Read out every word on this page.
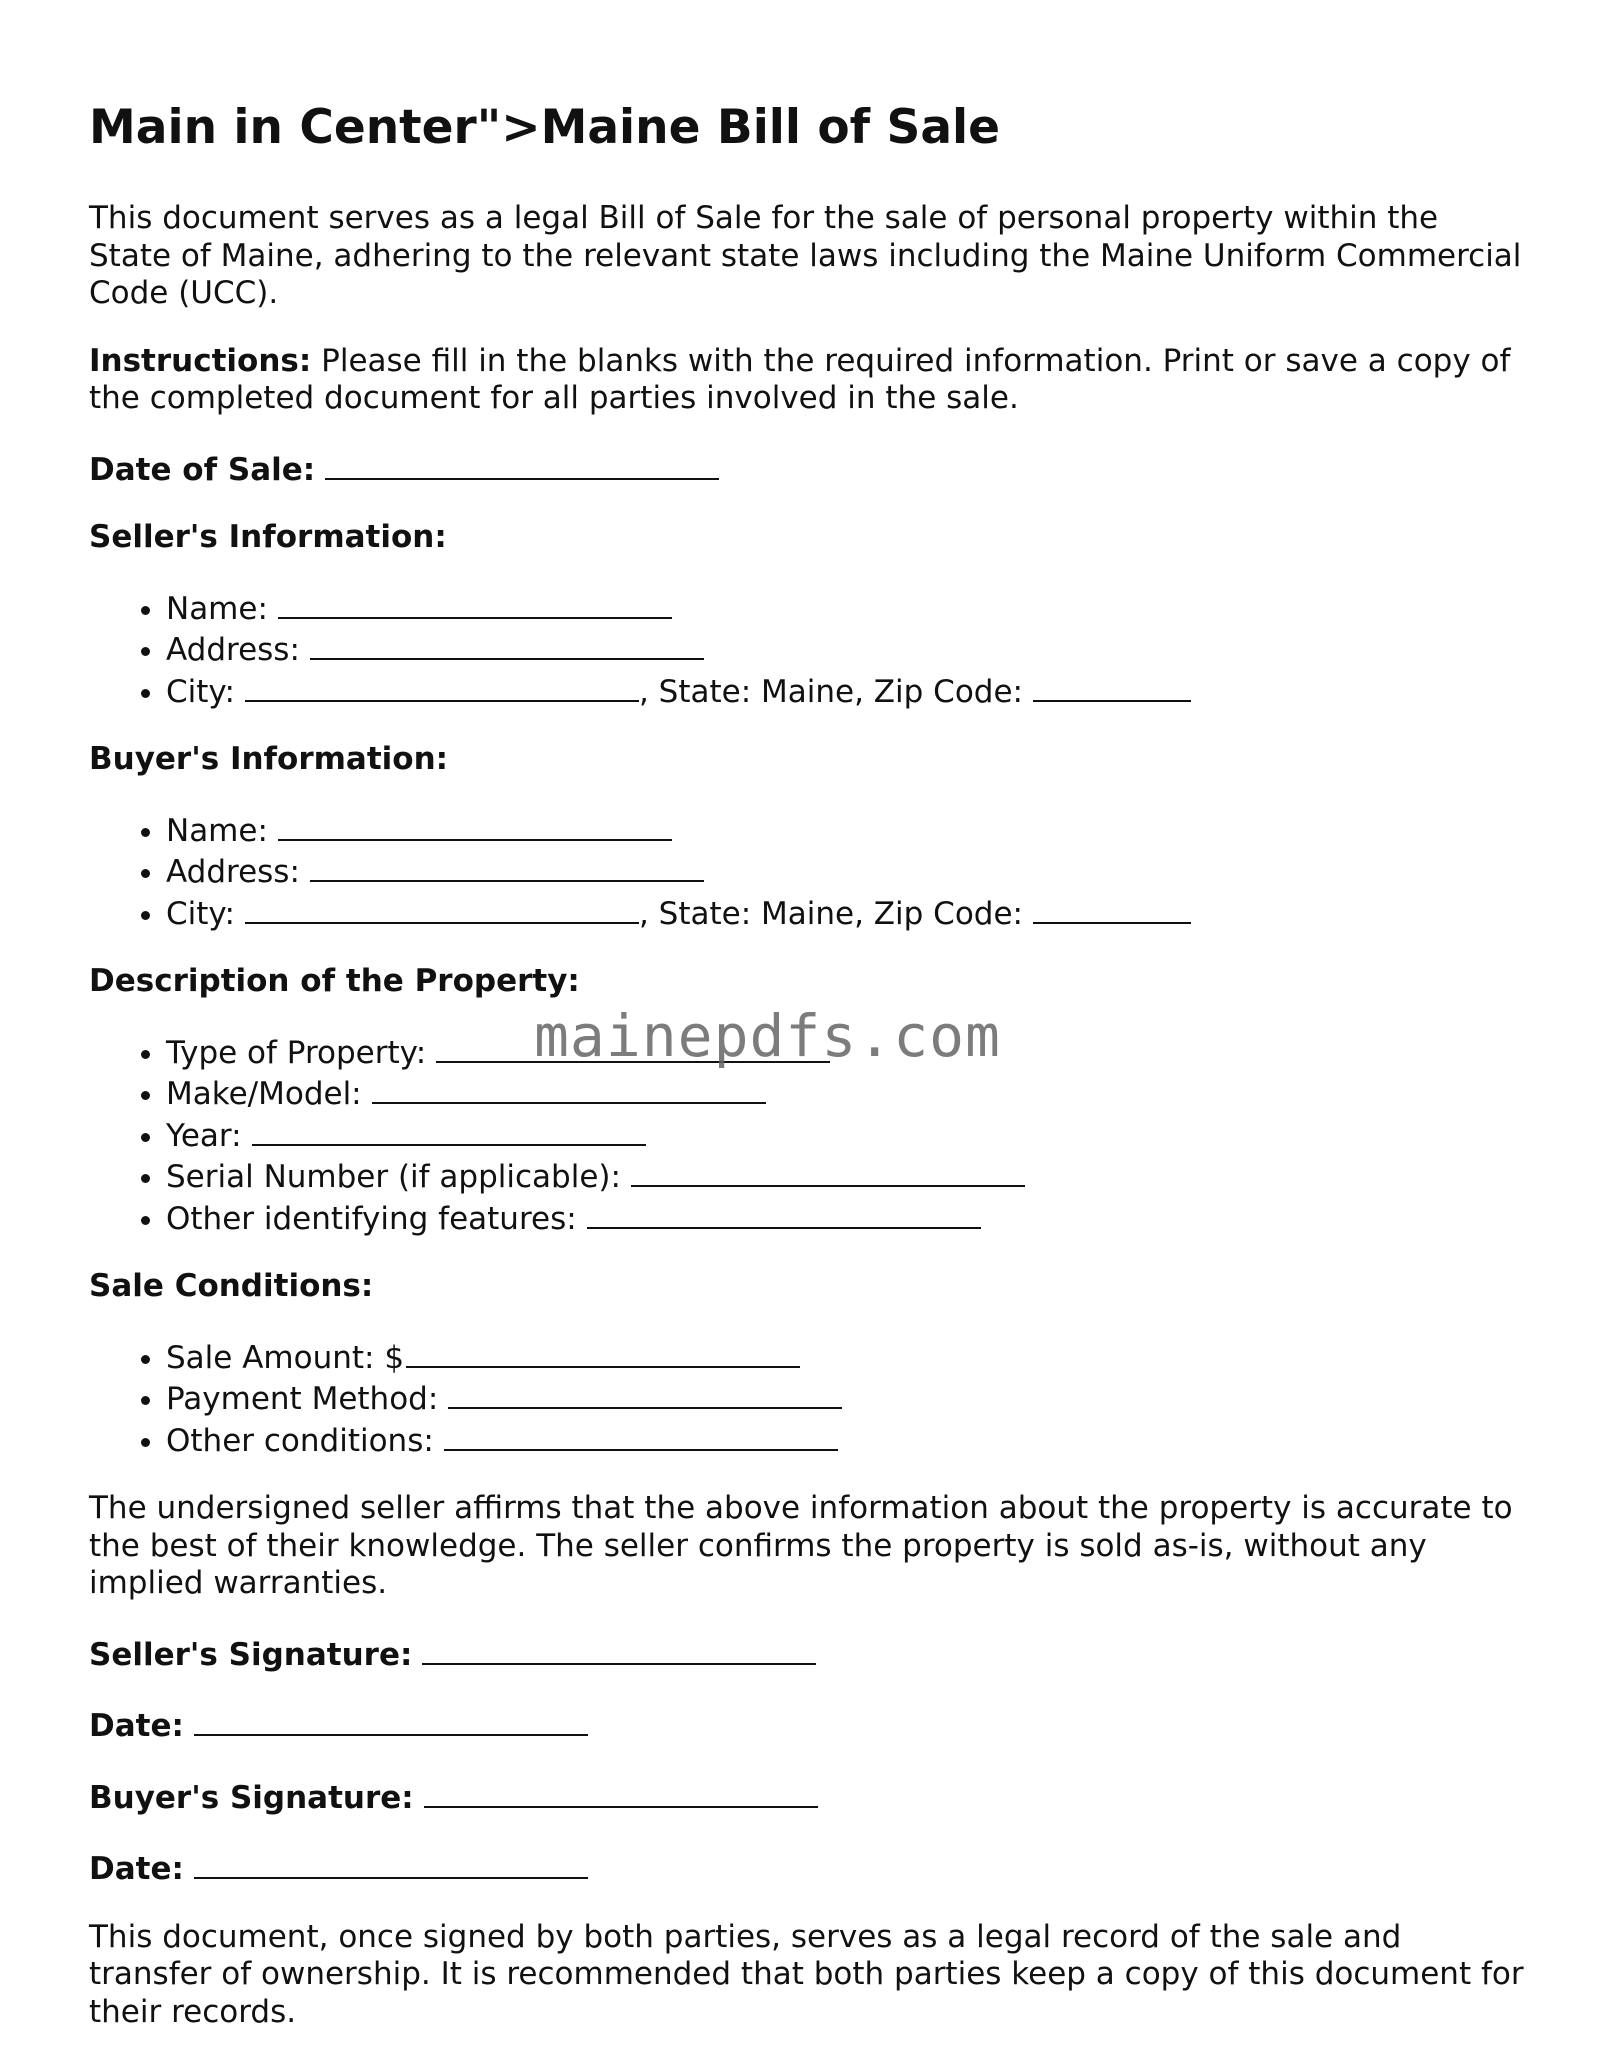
Main in Center">Maine Bill of Sale

This document serves as a legal Bill of Sale for the sale of personal property within the State of Maine, adhering to the relevant state laws including the Maine Uniform Commercial Code (UCC).

Instructions: Please fill in the blanks with the required information. Print or save a copy of the completed document for all parties involved in the sale.

Date of Sale:

Seller's Information:

• Name:
• Address:
• City:	, State: Maine, Zip Code:

Buyer's Information:

• Name:
• Address:
• City:	, State: Maine, Zip Code:

Description of the Property:

• Type of Property:
• Make/Model:
• Year:
• Serial Number (if applicable):
• Other identifying features:

Sale Conditions:

• Sale Amount: $
• Payment Method:
• Other conditions:

The undersigned seller affirms that the above information about the property is accurate to the best of their knowledge. The seller confirms the property is sold as-is, without any implied warranties.

Seller's Signature:

Date:

Buyer's Signature:

Date:

This document, once signed by both parties, serves as a legal record of the sale and transfer of ownership. It is recommended that both parties keep a copy of this document for their records.

mainepdfs.com
